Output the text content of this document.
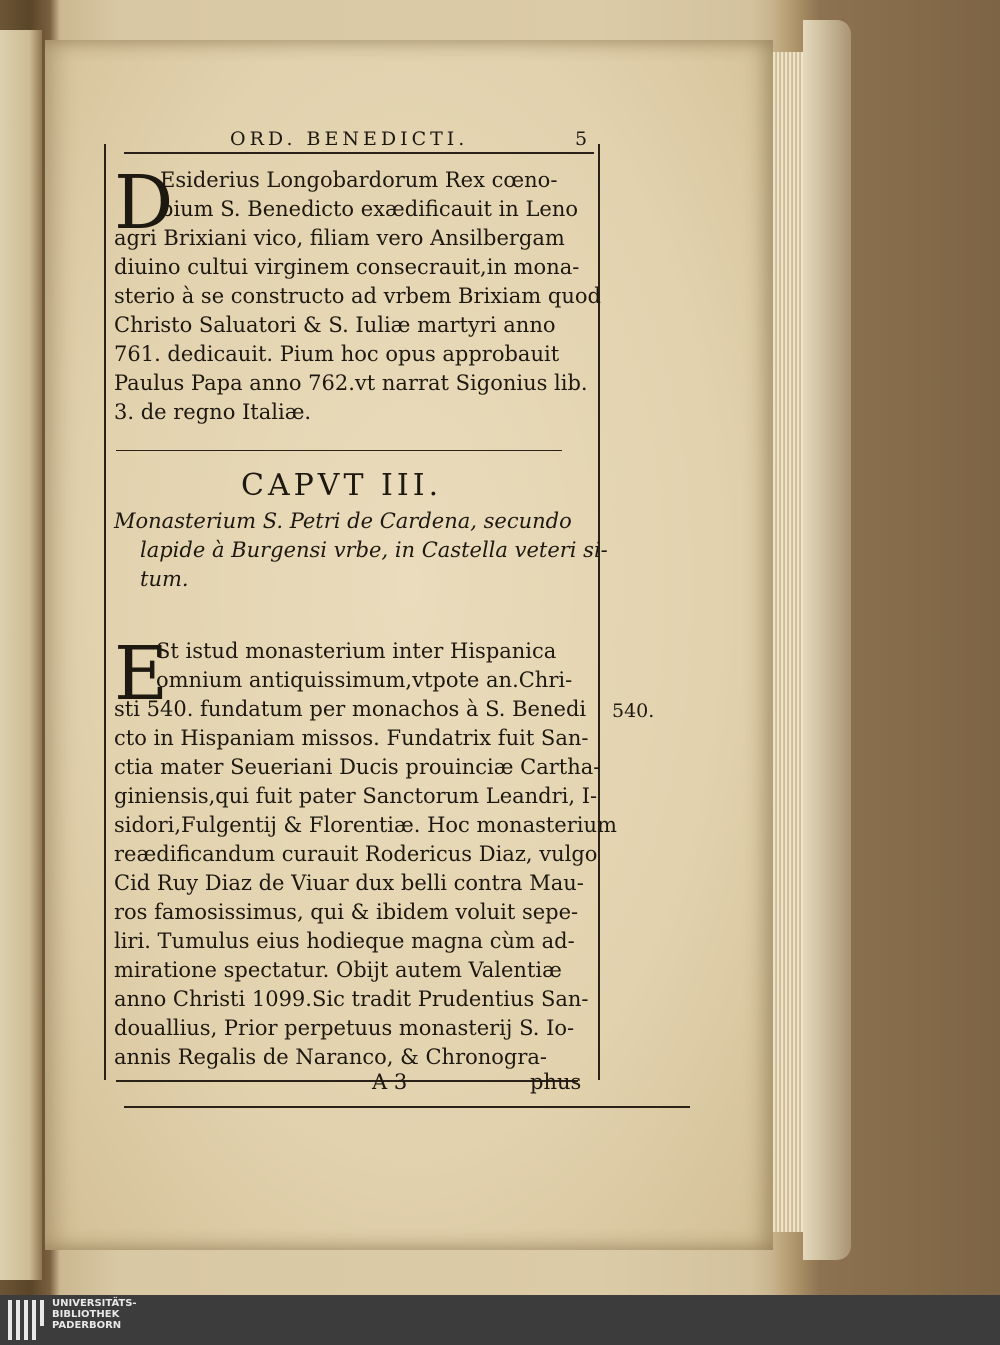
ORD. BENEDICTI.	5
D
Esiderius Longobardorum Rex cœno-
bium S. Benedicto exædificauit in Leno
agri Brixiani vico, filiam vero Ansilbergam
diuino cultui virginem consecrauit,in mona-
sterio à se constructo ad vrbem Brixiam quod
Christo Saluatori & S. Iuliæ martyri anno
761. dedicauit. Pium hoc opus approbauit
Paulus Papa anno 762.vt narrat Sigonius lib.
3. de regno Italiæ.
CAPVT III.
Monasterium S. Petri de Cardena, secundo
lapide à Burgensi vrbe, in Castella veteri si-
tum.
E
St istud monasterium inter Hispanica
omnium antiquissimum,vtpote an.Chri-
sti 540. fundatum per monachos à S. Benedi
cto in Hispaniam missos. Fundatrix fuit San-
ctia mater Seueriani Ducis prouinciæ Cartha-
giniensis,qui fuit pater Sanctorum Leandri, I-
sidori,Fulgentij & Florentiæ. Hoc monasterium
reædificandum curauit Rodericus Diaz, vulgo
Cid Ruy Diaz de Viuar dux belli contra Mau-
ros famosissimus, qui & ibidem voluit sepe-
liri. Tumulus eius hodieque magna cùm ad-
miratione spectatur. Obijt autem Valentiæ
anno Christi 1099.Sic tradit Prudentius San-
douallius, Prior perpetuus monasterij S. Io-
annis Regalis de Naranco, & Chronogra-
540.
A 3	phus
UNIVERSITÄTS-
BIBLIOTHEK
PADERBORN
